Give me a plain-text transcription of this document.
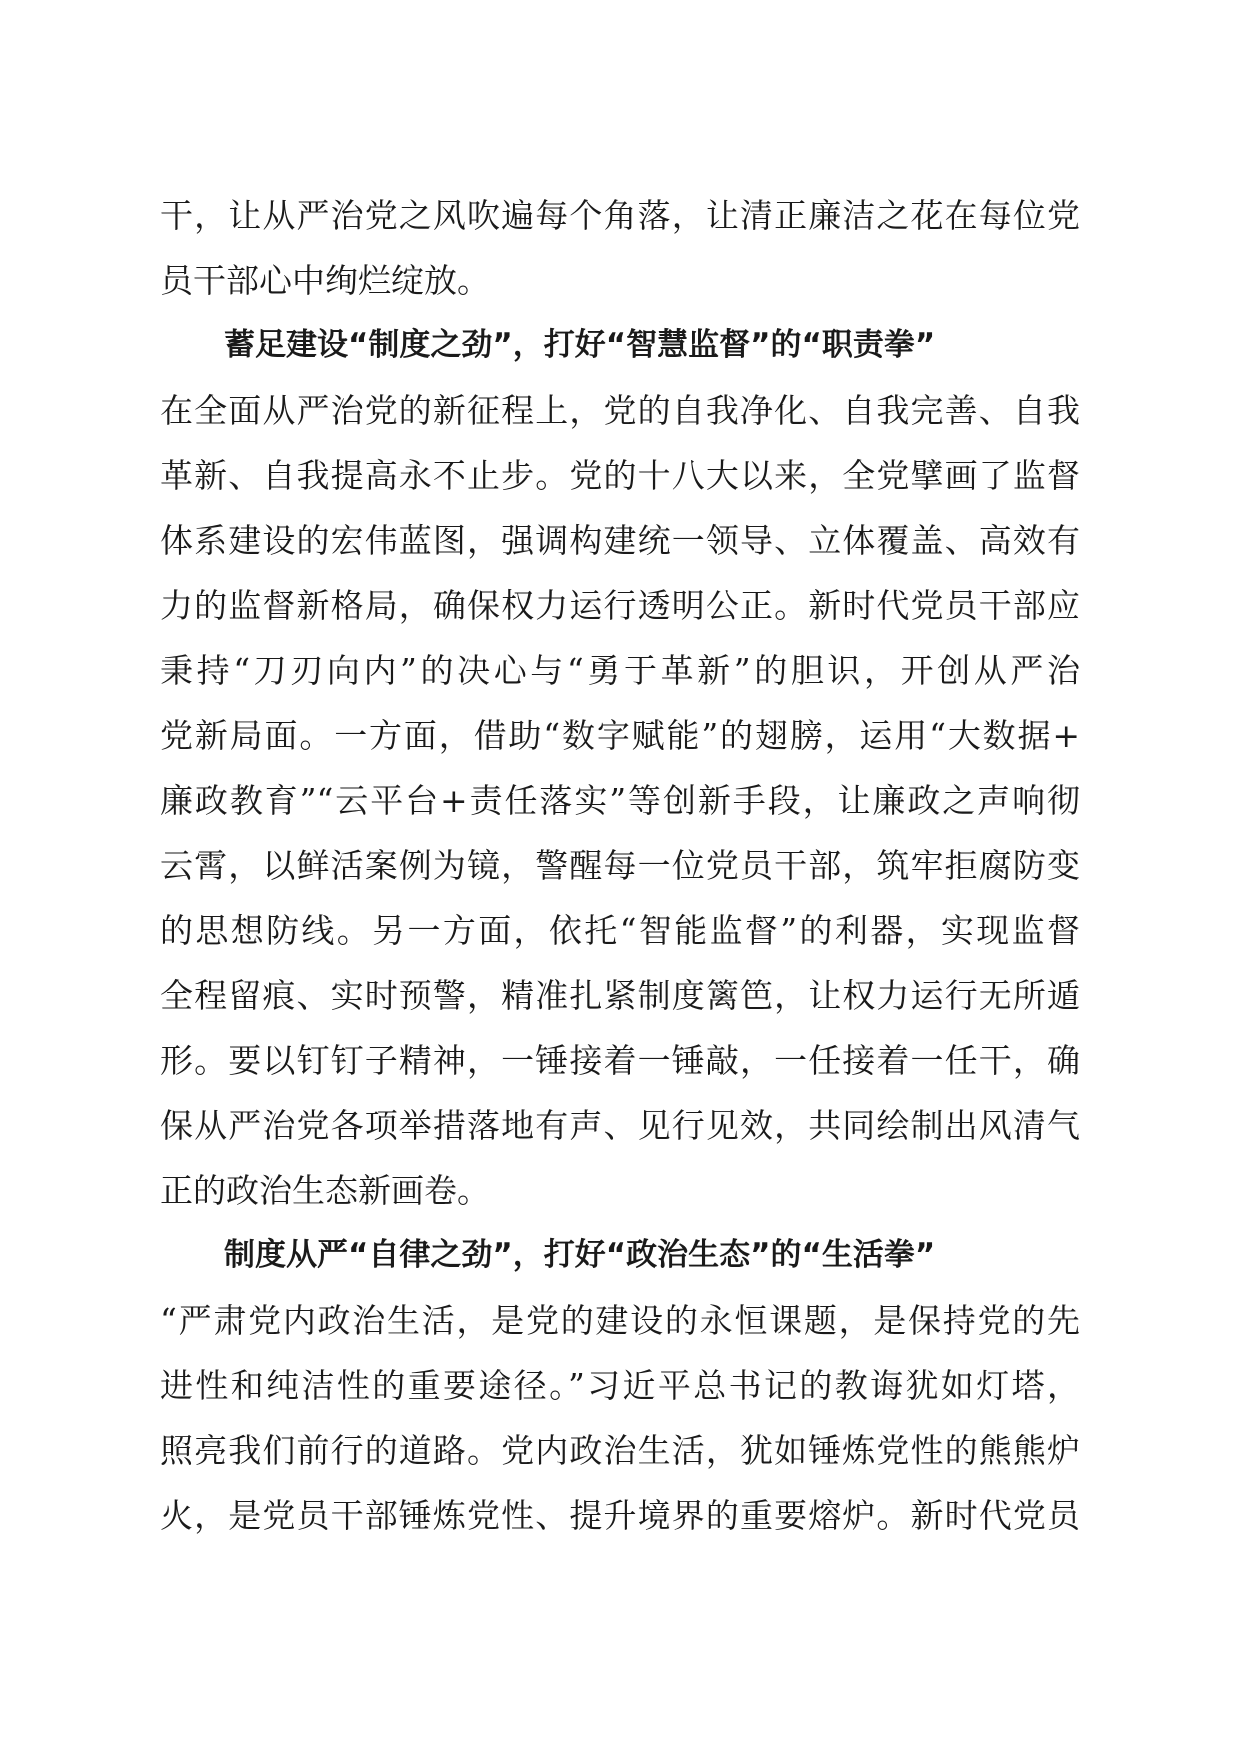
干，让从严治党之风吹遍每个角落，让清正廉洁之花在每位党
员干部心中绚烂绽放。
蓄足建设“制度之劲”，打好“智慧监督”的“职责拳”
在全面从严治党的新征程上，党的自我净化、自我完善、自我
革新、自我提高永不止步。党的十八大以来，全党擘画了监督
体系建设的宏伟蓝图，强调构建统一领导、立体覆盖、高效有
力的监督新格局，确保权力运行透明公正。新时代党员干部应
秉持“刀刃向内”的决心与“勇于革新”的胆识，开创从严治
党新局面。一方面，借助“数字赋能”的翅膀，运用“大数据+
廉政教育”“云平台+责任落实”等创新手段，让廉政之声响彻
云霄，以鲜活案例为镜，警醒每一位党员干部，筑牢拒腐防变
的思想防线。另一方面，依托“智能监督”的利器，实现监督
全程留痕、实时预警，精准扎紧制度篱笆，让权力运行无所遁
形。要以钉钉子精神，一锤接着一锤敲，一任接着一任干，确
保从严治党各项举措落地有声、见行见效，共同绘制出风清气
正的政治生态新画卷。
制度从严“自律之劲”，打好“政治生态”的“生活拳”
“严肃党内政治生活，是党的建设的永恒课题，是保持党的先
进性和纯洁性的重要途径。”习近平总书记的教诲犹如灯塔，
照亮我们前行的道路。党内政治生活，犹如锤炼党性的熊熊炉
火，是党员干部锤炼党性、提升境界的重要熔炉。新时代党员
